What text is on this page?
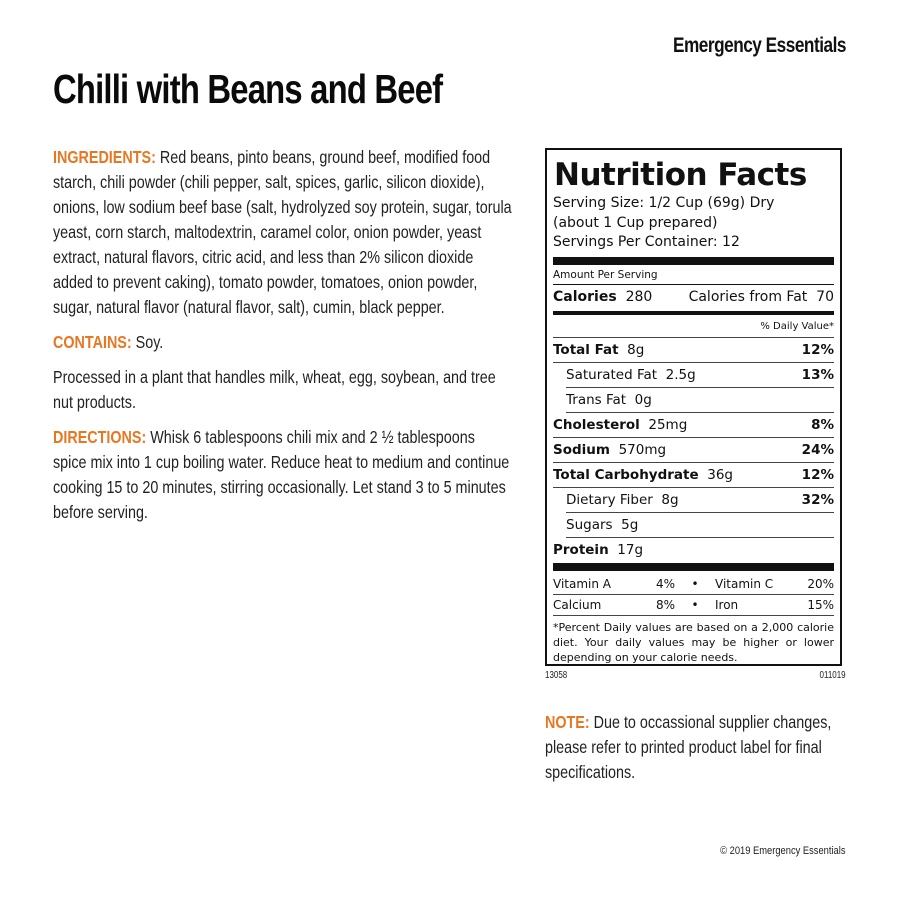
Emergency Essentials
Chilli with Beans and Beef

INGREDIENTS: Red beans, pinto beans, ground beef, modified food starch, chili powder (chili pepper, salt, spices, garlic, silicon dioxide), onions, low sodium beef base (salt, hydrolyzed soy protein, sugar, torula yeast, corn starch, maltodextrin, caramel color, onion powder, yeast extract, natural flavors, citric acid, and less than 2% silicon dioxide added to prevent caking), tomato powder, tomatoes, onion powder, sugar, natural flavor (natural flavor, salt), cumin, black pepper.

CONTAINS: Soy.

Processed in a plant that handles milk, wheat, egg, soybean, and tree nut products.

DIRECTIONS: Whisk 6 tablespoons chili mix and 2 ½ tablespoons spice mix into 1 cup boiling water. Reduce heat to medium and continue cooking 15 to 20 minutes, stirring occasionally. Let stand 3 to 5 minutes before serving.

Nutrition Facts
Serving Size: 1/2 Cup (69g) Dry
(about 1 Cup prepared)
Servings Per Container: 12
Amount Per Serving
Calories 280	Calories from Fat 70
% Daily Value*
Total Fat 8g	12%
Saturated Fat 2.5g	13%
Trans Fat 0g
Cholesterol 25mg	8%
Sodium 570mg	24%
Total Carbohydrate 36g	12%
Dietary Fiber 8g	32%
Sugars 5g
Protein 17g
Vitamin A	4%	•	Vitamin C	20%
Calcium	8%	•	Iron	15%
*Percent Daily values are based on a 2,000 calorie diet. Your daily values may be higher or lower depending on your calorie needs.
13058	011019
NOTE: Due to occassional supplier changes, please refer to printed product label for final specifications.
© 2019 Emergency Essentials
